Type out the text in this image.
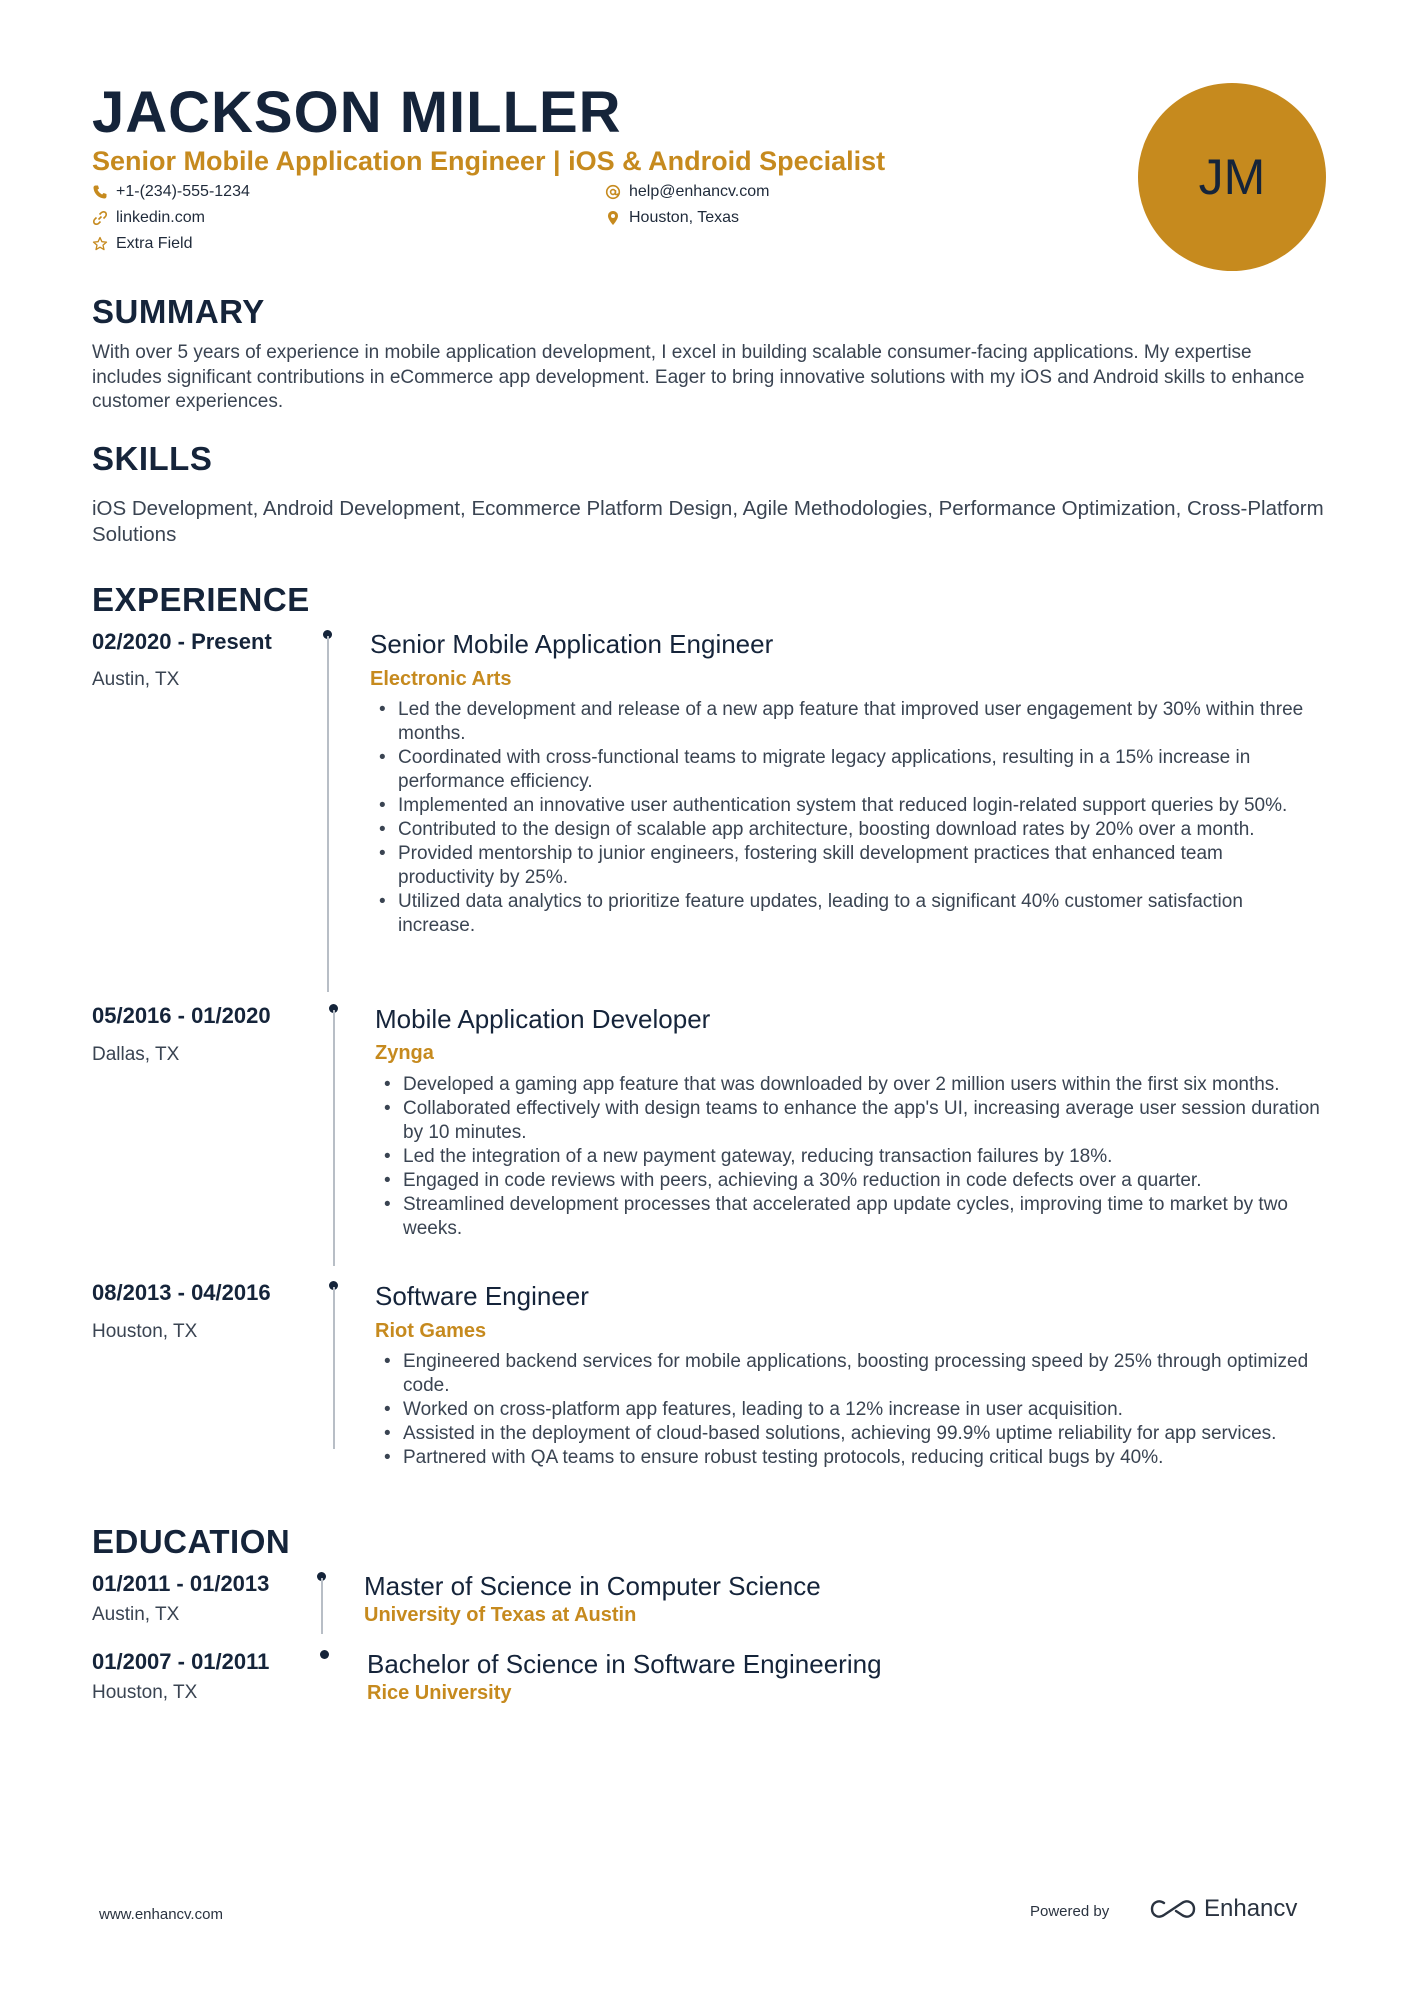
JACKSON MILLER
Senior Mobile Application Engineer | iOS & Android Specialist
+1-(234)-555-1234	help@enhancv.com
linkedin.com	Houston, Texas
Extra Field
JM
SUMMARY
With over 5 years of experience in mobile application development, I excel in building scalable consumer-facing applications. My expertise includes significant contributions in eCommerce app development. Eager to bring innovative solutions with my iOS and Android skills to enhance customer experiences.
SKILLS
iOS Development, Android Development, Ecommerce Platform Design, Agile Methodologies, Performance Optimization, Cross-Platform Solutions
EXPERIENCE
02/2020 - Present
Austin, TX
Senior Mobile Application Engineer
Electronic Arts
• Led the development and release of a new app feature that improved user engagement by 30% within three months.
• Coordinated with cross-functional teams to migrate legacy applications, resulting in a 15% increase in performance efficiency.
• Implemented an innovative user authentication system that reduced login-related support queries by 50%.
• Contributed to the design of scalable app architecture, boosting download rates by 20% over a month.
• Provided mentorship to junior engineers, fostering skill development practices that enhanced team productivity by 25%.
• Utilized data analytics to prioritize feature updates, leading to a significant 40% customer satisfaction increase.
05/2016 - 01/2020
Dallas, TX
Mobile Application Developer
Zynga
• Developed a gaming app feature that was downloaded by over 2 million users within the first six months.
• Collaborated effectively with design teams to enhance the app's UI, increasing average user session duration by 10 minutes.
• Led the integration of a new payment gateway, reducing transaction failures by 18%.
• Engaged in code reviews with peers, achieving a 30% reduction in code defects over a quarter.
• Streamlined development processes that accelerated app update cycles, improving time to market by two weeks.
08/2013 - 04/2016
Houston, TX
Software Engineer
Riot Games
• Engineered backend services for mobile applications, boosting processing speed by 25% through optimized code.
• Worked on cross-platform app features, leading to a 12% increase in user acquisition.
• Assisted in the deployment of cloud-based solutions, achieving 99.9% uptime reliability for app services.
• Partnered with QA teams to ensure robust testing protocols, reducing critical bugs by 40%.
EDUCATION
01/2011 - 01/2013
Austin, TX
Master of Science in Computer Science
University of Texas at Austin
01/2007 - 01/2011
Houston, TX
Bachelor of Science in Software Engineering
Rice University
www.enhancv.com	Powered by	Enhancv
